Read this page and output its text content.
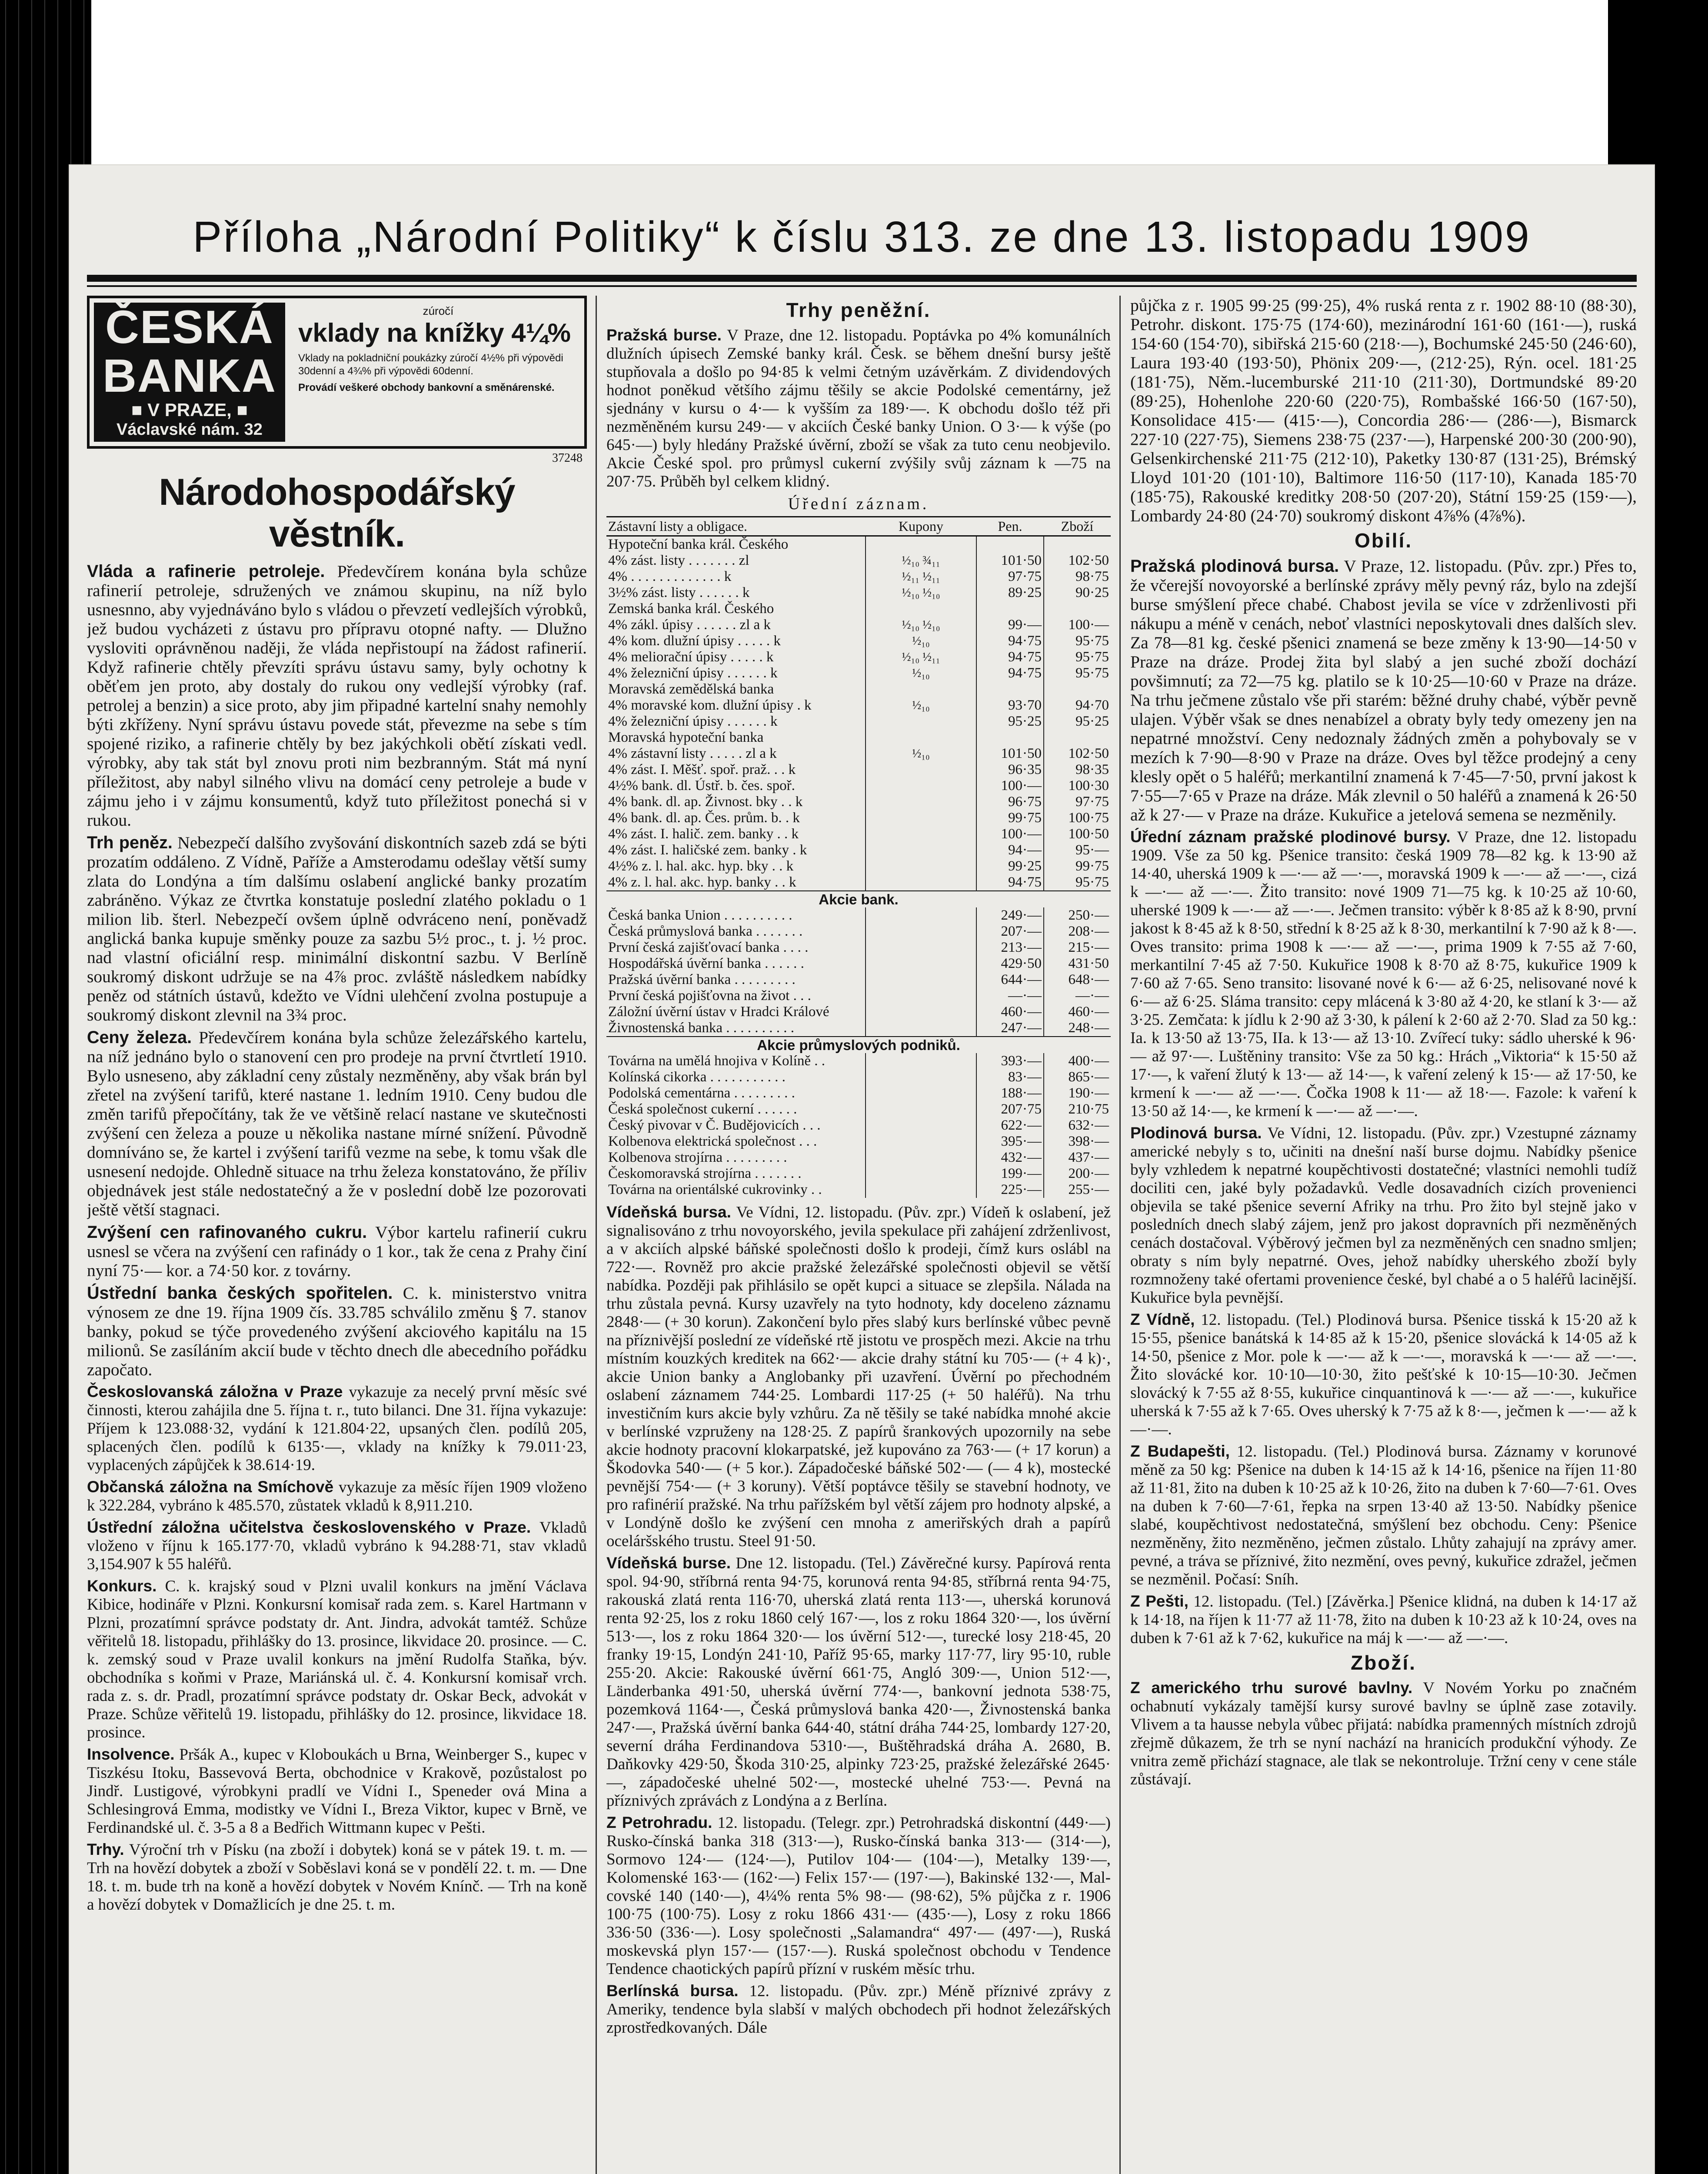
Příloha „Národní Politiky“ k číslu 313. ze dne 13. listopadu 1909
ČESKÁ
BANKA
■ V PRAZE, ■
Václavské nám. 32
zúročí
vklady na knížky 4¼%
Vklady na pokladniční poukázky zúročí 4½% při výpovědi 30denní a 4¾% při výpovědi 60denní.
Provádí veškeré obchody bankovní a směnárenské.
37248
Národohospodářský věstník.

Vláda a rafinerie petroleje. Předevčírem konána byla schůze rafinerií petroleje, sdružených ve známou skupinu, na níž bylo usnesnno, aby vyjednáváno bylo s vládou o převzetí vedlejších výrobků, jež budou vycházeti z ústavu pro přípravu otopné nafty. — Dlužno vysloviti oprávněnou naději, že vláda nepřistoupí na žádost rafinerií. Když rafinerie chtěly převzíti správu ústavu samy, byly ochotny k oběťem jen proto, aby dostaly do rukou ony vedlejší výrobky (raf. petrolej a benzin) a sice proto, aby jim připadné kartelní snahy nemohly býti zkříženy. Nyní správu ústavu povede stát, převezme na sebe s tím spojené riziko, a rafinerie chtěly by bez jakýchkoli obětí získati vedl. výrobky, aby tak stát byl znovu proti nim bezbranným. Stát má nyní příležitost, aby nabyl silného vlivu na domácí ceny petroleje a bude v zájmu jeho i v zájmu konsumentů, když tuto příležitost ponechá si v rukou.

Trh peněz. Nebezpečí dalšího zvyšování diskontních sazeb zdá se býti prozatím oddáleno. Z Vídně, Paříže a Amsterodamu odešlay větší sumy zlata do Londýna a tím dalšímu oslabení anglické banky prozatím zabráněno. Výkaz ze čtvrtka konstatuje poslední zlatého pokladu o 1 milion lib. šterl. Nebezpečí ovšem úplně odvráceno není, poněvadž anglická banka kupuje směnky pouze za sazbu 5½ proc., t. j. ½ proc. nad vlastní oficiální resp. minimální diskontní sazbu. V Berlíně soukromý diskont udržuje se na 4⅞ proc. zvláště následkem nabídky peněz od státních ústavů, kdežto ve Vídni ulehčení zvolna postupuje a soukromý diskont zlevnil na 3¾ proc.

Ceny železa. Předevčírem konána byla schůze železářského kartelu, na níž jednáno bylo o stanovení cen pro prodeje na první čtvrtletí 1910. Bylo usneseno, aby základní ceny zůstaly nezměněny, aby však brán byl zřetel na zvýšení tarifů, které nastane 1. ledním 1910. Ceny budou dle změn tarifů přepočítány, tak že ve většině relací nastane ve skutečnosti zvýšení cen železa a pouze u několika nastane mírné snížení. Původně domníváno se, že kartel i zvýšení tarifů vezme na sebe, k tomu však dle usnesení nedojde. Ohledně situace na trhu železa konstatováno, že příliv objednávek jest stále nedostatečný a že v poslední době lze pozorovati ještě větší stagnaci.

Zvýšení cen rafinovaného cukru. Výbor kartelu rafinerií cukru usnesl se včera na zvýšení cen rafinády o 1 kor., tak že cena z Prahy činí nyní 75·— kor. a 74·50 kor. z továrny.

Ústřední banka českých spořitelen. C. k. ministerstvo vnitra výnosem ze dne 19. října 1909 čís. 33.785 schválilo změnu § 7. stanov banky, pokud se týče provedeného zvýšení akciového kapitálu na 15 milionů. Se zasíláním akcií bude v těchto dnech dle abecedního pořádku započato.

Českoslovanská záložna v Praze vykazuje za necelý první měsíc své činnosti, kterou zahájila dne 5. října t. r., tuto bilanci. Dne 31. října vykazuje: Příjem k 123.088·32, vydání k 121.804·22, upsaných člen. podílů 205, splacených člen. podílů k 6135·—, vklady na knížky k 79.011·23, vyplacených zápůjček k 38.614·19.

Občanská záložna na Smíchově vykazuje za měsíc říjen 1909 vloženo k 322.284, vybráno k 485.570, zůstatek vkladů k 8,911.210.

Ústřední záložna učitelstva československého v Praze. Vkladů vloženo v říjnu k 165.177·70, vkladů vybráno k 94.288·71, stav vkladů 3,154.907 k 55 haléřů.

Konkurs. C. k. krajský soud v Plzni uvalil konkurs na jmění Václava Kibice, hodináře v Plzni. Konkursní komisař rada zem. s. Karel Hartmann v Plzni, prozatímní správce podstaty dr. Ant. Jindra, advokát tamtéž. Schůze věřitelů 18. listopadu, přihlášky do 13. prosince, likvidace 20. prosince. — C. k. zemský soud v Praze uvalil konkurs na jmění Rudolfa Staňka, býv. obchodníka s koňmi v Praze, Mariánská ul. č. 4. Konkursní komisař vrch. rada z. s. dr. Pradl, prozatímní správce podstaty dr. Oskar Beck, advokát v Praze. Schůze věřitelů 19. listopadu, přihlášky do 12. prosince, likvidace 18. prosince.

Insolvence. Pršák A., kupec v Kloboukách u Brna, Weinberger S., kupec v Tiszkésu Itoku, Bassevová Berta, obchodnice v Krakově, pozůstalost po Jindř. Lustigové, výrobkyni pradlí ve Vídni I., Speneder ová Mina a Schlesingrová Emma, modistky ve Vídni I., Breza Viktor, kupec v Brně, ve Ferdinandské ul. č. 3-5 a 8 a Bedřich Wittmann kupec v Pešti.

Trhy. Výroční trh v Písku (na zboží i dobytek) koná se v pátek 19. t. m. — Trh na hovězí dobytek a zboží v Soběslavi koná se v pondělí 22. t. m. — Dne 18. t. m. bude trh na koně a hovězí dobytek v Novém Knínč. — Trh na koně a hovězí dobytek v Domažlicích je dne 25. t. m.

Trhy peněžní.

Pražská burse. V Praze, dne 12. listopadu. Poptávka po 4% komunálních dlužních úpisech Zemské banky král. Česk. se během dnešní bursy ještě stupňovala a došlo po 94·85 k velmi četným uzávěrkám. Z dividendových hodnot poněkud většího zájmu těšily se akcie Podolské cementárny, jež sjednány v kursu o 4·— k vyšším za 189·—. K obchodu došlo též při nezměněném kursu 249·— v akciích České banky Union. O 3·— k výše (po 645·—) byly hledány Pražské úvěrní, zboží se však za tuto cenu neobjevilo. Akcie České spol. pro průmysl cukerní zvýšily svůj záznam k —75 na 207·75. Průběh byl celkem klidný.

Úřední záznam.
Zástavní listy a obligace.	Kupony	Pen.	Zboží
Hypoteční banka král. Českého			
4% zást. listy . . . . . . . zl	½₁₀ ¾₁₁	101·50	102·50
4% . . . . . . . . . . . . . k	½₁₁ ½₁₁	97·75	98·75
3½% zást. listy . . . . . . k	½₁₀ ½₁₀	89·25	90·25
Zemská banka král. Českého			
4% zákl. úpisy . . . . . . zl a k	½₁₀ ½₁₀	99·—	100·—
4% kom. dlužní úpisy . . . . . k	½₁₀	94·75	95·75
4% meliorační úpisy . . . . . k	½₁₀ ½₁₁	94·75	95·75
4% železniční úpisy . . . . . . k	½₁₀	94·75	95·75
Moravská zemědělská banka			
4% moravské kom. dlužní úpisy . k	½₁₀	93·70	94·70
4% železniční úpisy . . . . . . k		95·25	95·25
Moravská hypoteční banka			
4% zástavní listy . . . . . zl a k	½₁₀	101·50	102·50
4% zást. I. Měšť. spoř. praž. . . k		96·35	98·35
4½% bank. dl. Ústř. b. čes. spoř.		100·—	100·30
4% bank. dl. ap. Živnost. bky . . k		96·75	97·75
4% bank. dl. ap. Čes. prům. b. . k		99·75	100·75
4% zást. I. halič. zem. banky . . k		100·—	100·50
4% zást. I. haličské zem. banky . k		94·—	95·—
4½% z. l. hal. akc. hyp. bky . . k		99·25	99·75
4% z. l. hal. akc. hyp. banky . . k		94·75	95·75
Akcie bank.			
Česká banka Union . . . . . . . . . .		249·—	250·—
Česká průmyslová banka . . . . . . .		207·—	208·—
První česká zajišťovací banka . . . .		213·—	215·—
Hospodářská úvěrní banka . . . . . .		429·50	431·50
Pražská úvěrní banka . . . . . . . . .		644·—	648·—
První česká pojišťovna na život . . .		—·—	—·—
Záložní úvěrní ústav v Hradci Králové		460·—	460·—
Živnostenská banka . . . . . . . . . .		247·—	248·—
Akcie průmyslových podniků.			
Továrna na umělá hnojiva v Kolíně . .		393·—	400·—
Kolínská cikorka . . . . . . . . . . .		83·—	865·—
Podolská cementárna . . . . . . . . .		188·—	190·—
Česká společnost cukerní . . . . . .		207·75	210·75
Český pivovar v Č. Budějovicích . . .		622·—	632·—
Kolbenova elektrická společnost . . .		395·—	398·—
Kolbenova strojírna . . . . . . . . .		432·—	437·—
Českomoravská strojírna . . . . . . .		199·—	200·—
Továrna na orientálské cukrovinky . .		225·—	255·—

Vídeňská bursa. Ve Vídni, 12. listopadu. (Pův. zpr.) Vídeň k oslabení, jež signalisováno z trhu novoyorského, jevila spekulace při zahájení zdrženlivost, a v akciích alpské báňské společnosti došlo k prodeji, čímž kurs oslábl na 722·—. Rovněž pro akcie pražské železářské společnosti objevil se větší nabídka. Později pak přihlásilo se opět kupci a situace se zlepšila. Nálada na trhu zůstala pevná. Kursy uzavřely na tyto hodnoty, kdy doceleno záznamu 2848·— (+ 30 korun). Zakončení bylo přes slabý kurs berlínské vůbec pevně na příznivější poslední ze vídeňské rtě jistotu ve prospěch mezi. Akcie na trhu místním kouzkých kreditek na 662·— akcie drahy státní ku 705·— (+ 4 k)·, akcie Union banky a Anglobanky při uzavření. Úvěrní po přechodném oslabení záznamem 744·25. Lombardi 117·25 (+ 50 haléřů). Na trhu investičním kurs akcie byly vzhůru. Za ně těšily se také nabídka mnohé akcie v berlínské vzpruženy na 128·25. Z papírů šrankových upozornily na sebe akcie hodnoty pracovní klokarpatské, jež kupováno za 763·— (+ 17 korun) a Škodovka 540·— (+ 5 kor.). Západočeské báňské 502·— (— 4 k), mostecké pevnější 754·— (+ 3 koruny). Větší poptávce těšily se stavební hodnoty, ve pro rafinérií pražské. Na trhu pařížském byl větší zájem pro hodnoty alpské, a v Londýně došlo ke zvýšení cen mnoha z ameriřských drah a papírů oceláršského trustu. Steel 91·50.

Vídeňská burse. Dne 12. listopadu. (Tel.) Závěrečné kursy. Papírová renta spol. 94·90, stříbrná renta 94·75, korunová renta 94·85, stříbrná renta 94·75, rakouská zlatá renta 116·70, uherská zlatá renta 113·—, uherská korunová renta 92·25, los z roku 1860 celý 167·—, los z roku 1864 320·—, los úvěrní 513·—, los z roku 1864 320·— los úvěrní 512·—, turecké losy 218·45, 20 franky 19·15, Londýn 241·10, Paříž 95·65, marky 117·77, liry 95·10, ruble 255·20. Akcie: Rakouské úvěrní 661·75, Angló 309·—, Union 512·—, Länderbanka 491·50, uherská úvěrní 774·—, bankovní jednota 538·75, pozemková 1164·—, Česká průmyslová banka 420·—, Živnostenská banka 247·—, Pražská úvěrní banka 644·40, státní dráha 744·25, lombardy 127·20, severní dráha Ferdinandova 5310·—, Buštěhradská dráha A. 2680, B. Daňkovky 429·50, Škoda 310·25, alpinky 723·25, pražské železářské 2645·—, západočeské uhelné 502·—, mostecké uhelné 753·—. Pevná na příznivých zprávách z Londýna a z Berlína.

Z Petrohradu. 12. listopadu. (Telegr. zpr.) Petrohradská diskontní (449·—) Rusko-čínská banka 318 (313·—), Rusko-čínská banka 313·— (314·—), Sormovo 124·— (124·—), Putilov 104·— (104·—), Metalky 139·—, Kolomenské 163·— (162·—) Felix 157·— (197·—), Bakinské 132·—, Mal-covské 140 (140·—), 4¼% renta 5% 98·— (98·62), 5% půjčka z r. 1906 100·75 (100·75). Losy z roku 1866 431·— (435·—), Losy z roku 1866 336·50 (336·—). Losy společnosti „Salamandra“ 497·— (497·—), Ruská moskevská plyn 157·— (157·—). Ruská společnost obchodu v Tendence Tendence chaotických papírů přízní v ruském měsíc trhu.

Berlínská bursa. 12. listopadu. (Pův. zpr.) Méně příznivé zprávy z Ameriky, tendence byla slabší v malých obchodech při hodnot železářských zprostředkovaných. Dále

půjčka z r. 1905 99·25 (99·25), 4% ruská renta z r. 1902 88·10 (88·30), Petrohr. diskont. 175·75 (174·60), mezinárodní 161·60 (161·—), ruská 154·60 (154·70), sibiřská 215·60 (218·—), Bochumské 245·50 (246·60), Laura 193·40 (193·50), Phönix 209·—, (212·25), Rýn. ocel. 181·25 (181·75), Něm.-lucemburské 211·10 (211·30), Dortmundské 89·20 (89·25), Hohenlohe 220·60 (220·75), Rombašské 166·50 (167·50), Konsolidace 415·— (415·—), Concordia 286·— (286·—), Bismarck 227·10 (227·75), Siemens 238·75 (237·—), Harpenské 200·30 (200·90), Gelsenkirchenské 211·75 (212·10), Paketky 130·87 (131·25), Brémský Lloyd 101·20 (101·10), Baltimore 116·50 (117·10), Kanada 185·70 (185·75), Rakouské kreditky 208·50 (207·20), Státní 159·25 (159·—), Lombardy 24·80 (24·70) soukromý diskont 4⅞% (4⅞%).

Obilí.

Pražská plodinová bursa. V Praze, 12. listopadu. (Pův. zpr.) Přes to, že včerejší novoyorské a berlínské zprávy měly pevný ráz, bylo na zdejší burse smýšlení přece chabé. Chabost jevila se více v zdrženlivosti při nákupu a méně v cenách, neboť vlastníci neposkytovali dnes dalších slev. Za 78—81 kg. české pšenici znamená se beze změny k 13·90—14·50 v Praze na dráze. Prodej žita byl slabý a jen suché zboží dochází povšimnutí; za 72—75 kg. platilo se k 10·25—10·60 v Praze na dráze. Na trhu ječmene zůstalo vše při starém: běžné druhy chabé, výběr pevně ulajen. Výběr však se dnes nenabízel a obraty byly tedy omezeny jen na nepatrné množství. Ceny nedoznaly žádných změn a pohybovaly se v mezích k 7·90—8·90 v Praze na dráze. Oves byl těžce prodejný a ceny klesly opět o 5 haléřů; merkantilní znamená k 7·45—7·50, první jakost k 7·55—7·65 v Praze na dráze. Mák zlevnil o 50 haléřů a znamená k 26·50 až k 27·— v Praze na dráze. Kukuřice a jetelová semena se nezměnily.

Úřední záznam pražské plodinové bursy. V Praze, dne 12. listopadu 1909. Vše za 50 kg. Pšenice transito: česká 1909 78—82 kg. k 13·90 až 14·40, uherská 1909 k —·— až —·—, moravská 1909 k —·— až —·—, cizá k —·— až —·—. Žito transito: nové 1909 71—75 kg. k 10·25 až 10·60, uherské 1909 k —·— až —·—. Ječmen transito: výběr k 8·85 až k 8·90, první jakost k 8·45 až k 8·50, střední k 8·25 až k 8·30, merkantilní k 7·90 až k 8·—. Oves transito: prima 1908 k —·— až —·—, prima 1909 k 7·55 až 7·60, merkantilní 7·45 až 7·50. Kukuřice 1908 k 8·70 až 8·75, kukuřice 1909 k 7·60 až 7·65. Seno transito: lisované nové k 6·— až 6·25, nelisované nové k 6·— až 6·25. Sláma transito: cepy mlácená k 3·80 až 4·20, ke stlaní k 3·— až 3·25. Zemčata: k jídlu k 2·90 až 3·30, k pálení k 2·60 až 2·70. Slad za 50 kg.: Ia. k 13·50 až 13·75, IIa. k 13·— až 13·10. Zvířecí tuky: sádlo uherské k 96·— až 97·—. Luštěniny transito: Vše za 50 kg.: Hrách „Viktoria“ k 15·50 až 17·—, k vaření žlutý k 13·— až 14·—, k vaření zelený k 15·— až 17·50, ke krmení k —·— až —·—. Čočka 1908 k 11·— až 18·—. Fazole: k vaření k 13·50 až 14·—, ke krmení k —·— až —·—.

Plodinová bursa. Ve Vídni, 12. listopadu. (Pův. zpr.) Vzestupné záznamy americké nebyly s to, učiniti na dnešní naší burse dojmu. Nabídky pšenice byly vzhledem k nepatrné koupěchtivosti dostatečné; vlastníci nemohli tudíž dociliti cen, jaké byly požadavků. Vedle dosavadních cizích provenienci objevila se také pšenice severní Afriky na trhu. Pro žito byl stejně jako v posledních dnech slabý zájem, jenž pro jakost dopravních při nezměněných cenách dostačoval. Výběrový ječmen byl za nezměněných cen snadno smljen; obraty s ním byly nepatrné. Oves, jehož nabídky uherského zboží byly rozmnoženy také ofertami provenience české, byl chabé a o 5 haléřů lacinější. Kukuřice byla pevnější.

Z Vídně, 12. listopadu. (Tel.) Plodinová bursa. Pšenice tisská k 15·20 až k 15·55, pšenice banátská k 14·85 až k 15·20, pšenice slovácká k 14·05 až k 14·50, pšenice z Mor. pole k —·— až k —·—, moravská k —·— až —·—. Žito slovácké kor. 10·10—10·30, žito pešťské k 10·15—10·30. Ječmen slovácký k 7·55 až 8·55, kukuřice cinquantinová k —·— až —·—, kukuřice uherská k 7·55 až k 7·65. Oves uherský k 7·75 až k 8·—, ječmen k —·— až k —·—.

Z Budapešti, 12. listopadu. (Tel.) Plodinová bursa. Záznamy v korunové měně za 50 kg: Pšenice na duben k 14·15 až k 14·16, pšenice na říjen 11·80 až 11·81, žito na duben k 10·25 až k 10·26, žito na duben k 7·60—7·61. Oves na duben k 7·60—7·61, řepka na srpen 13·40 až 13·50. Nabídky pšenice slabé, koupěchtivost nedostatečná, smýšlení bez obchodu. Ceny: Pšenice nezměněny, žito nezměněno, ječmen zůstalo. Lhůty zahajují na zprávy amer. pevné, a tráva se příznivé, žito nezmění, oves pevný, kukuřice zdražel, ječmen se nezměnil. Počasí: Sníh.

Z Pešti, 12. listopadu. (Tel.) [Závěrka.] Pšenice klidná, na duben k 14·17 až k 14·18, na říjen k 11·77 až 11·78, žito na duben k 10·23 až k 10·24, oves na duben k 7·61 až k 7·62, kukuřice na máj k —·— až —·—.

Zboží.

Z amerického trhu surové bavlny. V Novém Yorku po značném ochabnutí vykázaly tamější kursy surové bavlny se úplně zase zotavily. Vlivem a ta hausse nebyla vůbec přijatá: nabídka pramenných místních zdrojů zřejmě důkazem, že trh se nyní nachází na hranicích produkční výhody. Ze vnitra země přichází stagnace, ale tlak se nekontroluje. Tržní ceny v cene stále zůstávají.
